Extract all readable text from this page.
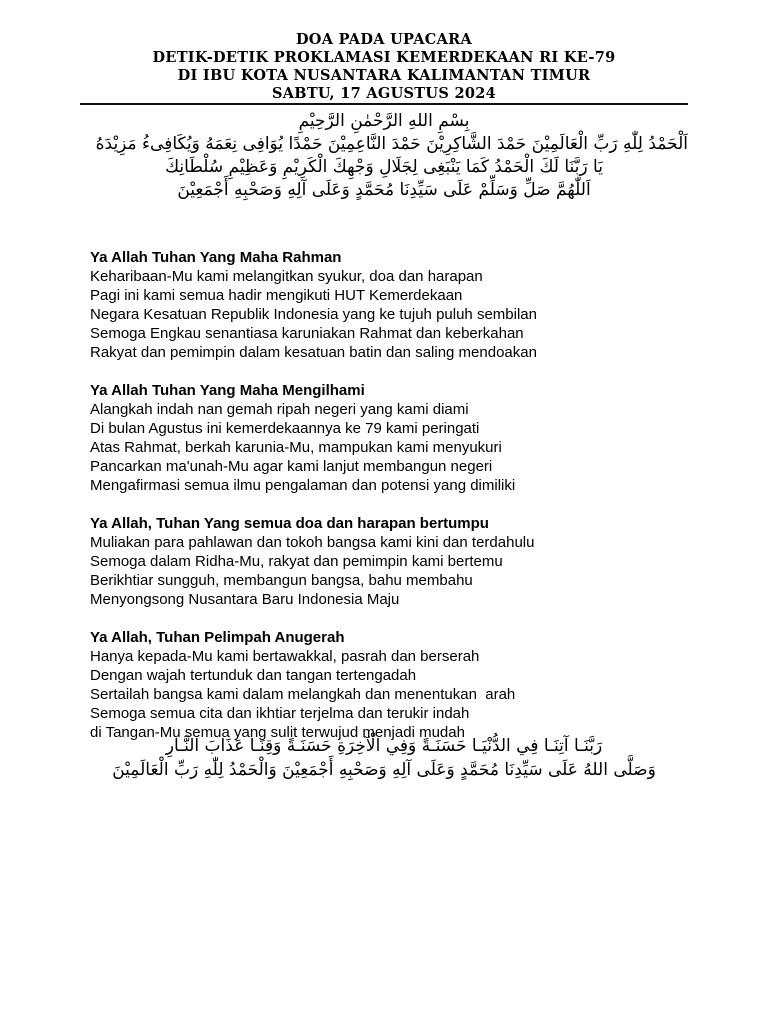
DOA PADA UPACARA
DETIK-DETIK PROKLAMASI KEMERDEKAAN RI KE-79
DI IBU KOTA NUSANTARA KALIMANTAN TIMUR
SABTU, 17 AGUSTUS 2024
بِسْمِ اللهِ الرَّحْمٰنِ الرَّحِيْمِ
اَلْحَمْدُ لِلّٰهِ رَبِّ الْعَالَمِيْنَ حَمْدَ الشَّاكِرِيْنَ حَمْدَ النَّاعِمِيْنَ حَمْدًا يُوَافِى نِعَمَهُ وَيُكَافِىءُ مَزِيْدَهُ
يَا رَبَّنَا لَكَ الْحَمْدُ كَمَا يَنْبَغِى لِجَلَالِ وَجْهِكَ الْكَرِيْمِ وَعَظِيْمِ سُلْطَانِكَ
اَللّٰهُمَّ صَلِّ وَسَلِّمْ عَلَى سَيِّدِنَا مُحَمَّدٍ وَعَلَى آلِهِ وَصَحْبِهِ أَجْمَعِيْنَ
Ya Allah Tuhan Yang Maha Rahman
Keharibaan-Mu kami melangitkan syukur, doa dan harapan
Pagi ini kami semua hadir mengikuti HUT Kemerdekaan
Negara Kesatuan Republik Indonesia yang ke tujuh puluh sembilan
Semoga Engkau senantiasa karuniakan Rahmat dan keberkahan
Rakyat dan pemimpin dalam kesatuan batin dan saling mendoakan
Ya Allah Tuhan Yang Maha Mengilhami
Alangkah indah nan gemah ripah negeri yang kami diami
Di bulan Agustus ini kemerdekaannya ke 79 kami peringati
Atas Rahmat, berkah karunia-Mu, mampukan kami menyukuri
Pancarkan ma'unah-Mu agar kami lanjut membangun negeri
Mengafirmasi semua ilmu pengalaman dan potensi yang dimiliki
Ya Allah, Tuhan Yang semua doa dan harapan bertumpu
Muliakan para pahlawan dan tokoh bangsa kami kini dan terdahulu
Semoga dalam Ridha-Mu, rakyat dan pemimpin kami bertemu
Berikhtiar sungguh, membangun bangsa, bahu membahu
Menyongsong Nusantara Baru Indonesia Maju
Ya Allah, Tuhan Pelimpah Anugerah
Hanya kepada-Mu kami bertawakkal, pasrah dan berserah
Dengan wajah tertunduk dan tangan tertengadah
Sertailah bangsa kami dalam melangkah dan menentukan  arah
Semoga semua cita dan ikhtiar terjelma dan terukir indah
di Tangan-Mu semua yang sulit terwujud menjadi mudah
رَبَّنَـا آتِنَـا فِي الدُّنْيَـا حَسَنَـةً وَفِي الْآخِرَةِ حَسَنَـةً وَقِنَـا عَذَابَ النَّـارِ
وَصَلَّى اللهُ عَلَى سَيِّدِنَا مُحَمَّدٍ وَعَلَى آلِهِ وَصَحْبِهِ أَجْمَعِيْنَ وَالْحَمْدُ لِلّٰهِ رَبِّ الْعَالَمِيْنَ
